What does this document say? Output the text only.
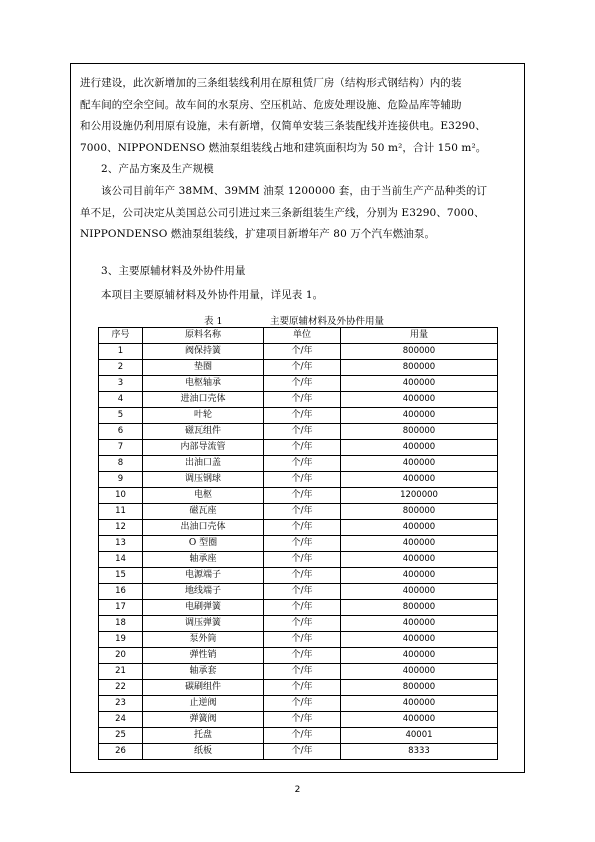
进行建设，此次新增加的三条组装线利用在原租赁厂房（结构形式钢结构）内的装

配车间的空余空间。故车间的水泵房、空压机站、危废处理设施、危险品库等辅助

和公用设施仍利用原有设施，未有新增，仅简单安装三条装配线并连接供电。E3290、

7000、NIPPONDENSO 燃油泵组装线占地和建筑面积均为 50 m²，合计 150 m²。

2、产品方案及生产规模

该公司目前年产 38MM、39MM 油泵 1200000 套，由于当前生产产品种类的订

单不足，公司决定从美国总公司引进过来三条新组装生产线，分别为 E3290、7000、

NIPPONDENSO 燃油泵组装线，扩建项目新增年产 80 万个汽车燃油泵。

3、主要原辅材料及外协件用量
本项目主要原辅材料及外协件用量，详见表 1。
表 1	主要原辅材料及外协件用量
序号	原料名称	单位	用量
1	阀保持簧	个/年	800000
2	垫圈	个/年	800000
3	电枢轴承	个/年	400000
4	进油口壳体	个/年	400000
5	叶轮	个/年	400000
6	磁瓦组件	个/年	800000
7	内部导流管	个/年	400000
8	出油口盖	个/年	400000
9	调压钢球	个/年	400000
10	电枢	个/年	1200000
11	磁瓦座	个/年	800000
12	出油口壳体	个/年	400000
13	O 型圈	个/年	400000
14	轴承座	个/年	400000
15	电源端子	个/年	400000
16	地线端子	个/年	400000
17	电刷弹簧	个/年	800000
18	调压弹簧	个/年	400000
19	泵外筒	个/年	400000
20	弹性销	个/年	400000
21	轴承套	个/年	400000
22	碳刷组件	个/年	800000
23	止逆阀	个/年	400000
24	弹簧阀	个/年	400000
25	托盘	个/年	40001
26	纸板	个/年	8333
2
